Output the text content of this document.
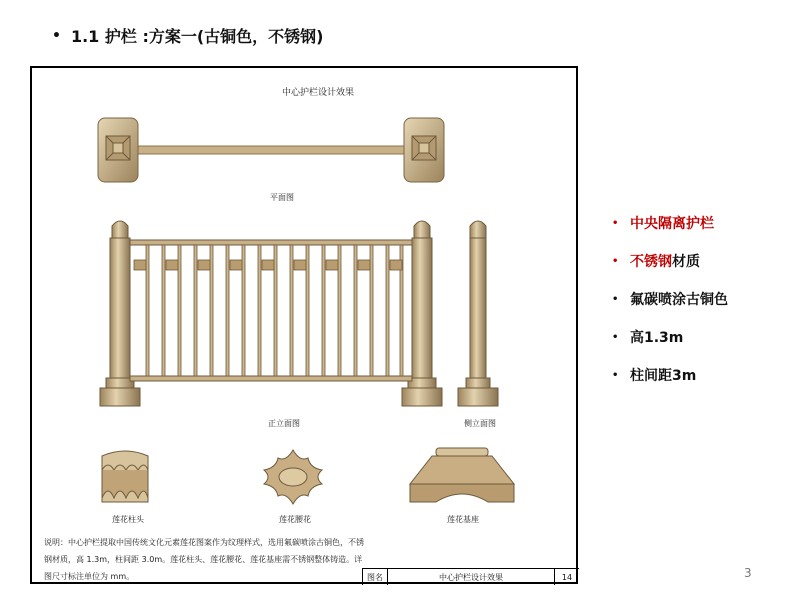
• 1.1 护栏 :方案一(古铜色，不锈钢)
中心护栏设计效果
平面图
正立面图	侧立面图
莲花柱头	莲花腰花	莲花基座
说明：中心护栏提取中国传统文化元素莲花图案作为纹理样式，选用氟碳喷涂古铜色，不锈钢材质，高 1.3m，柱间距 3.0m。莲花柱头、莲花腰花、莲花基座需不锈钢整体铸造。详图尺寸标注单位为 mm。	图名	中心护栏设计效果	14
• 中央隔离护栏
• 不锈钢 材质
• 氟碳喷涂古铜色
• 高1.3m
• 柱间距3m
3
